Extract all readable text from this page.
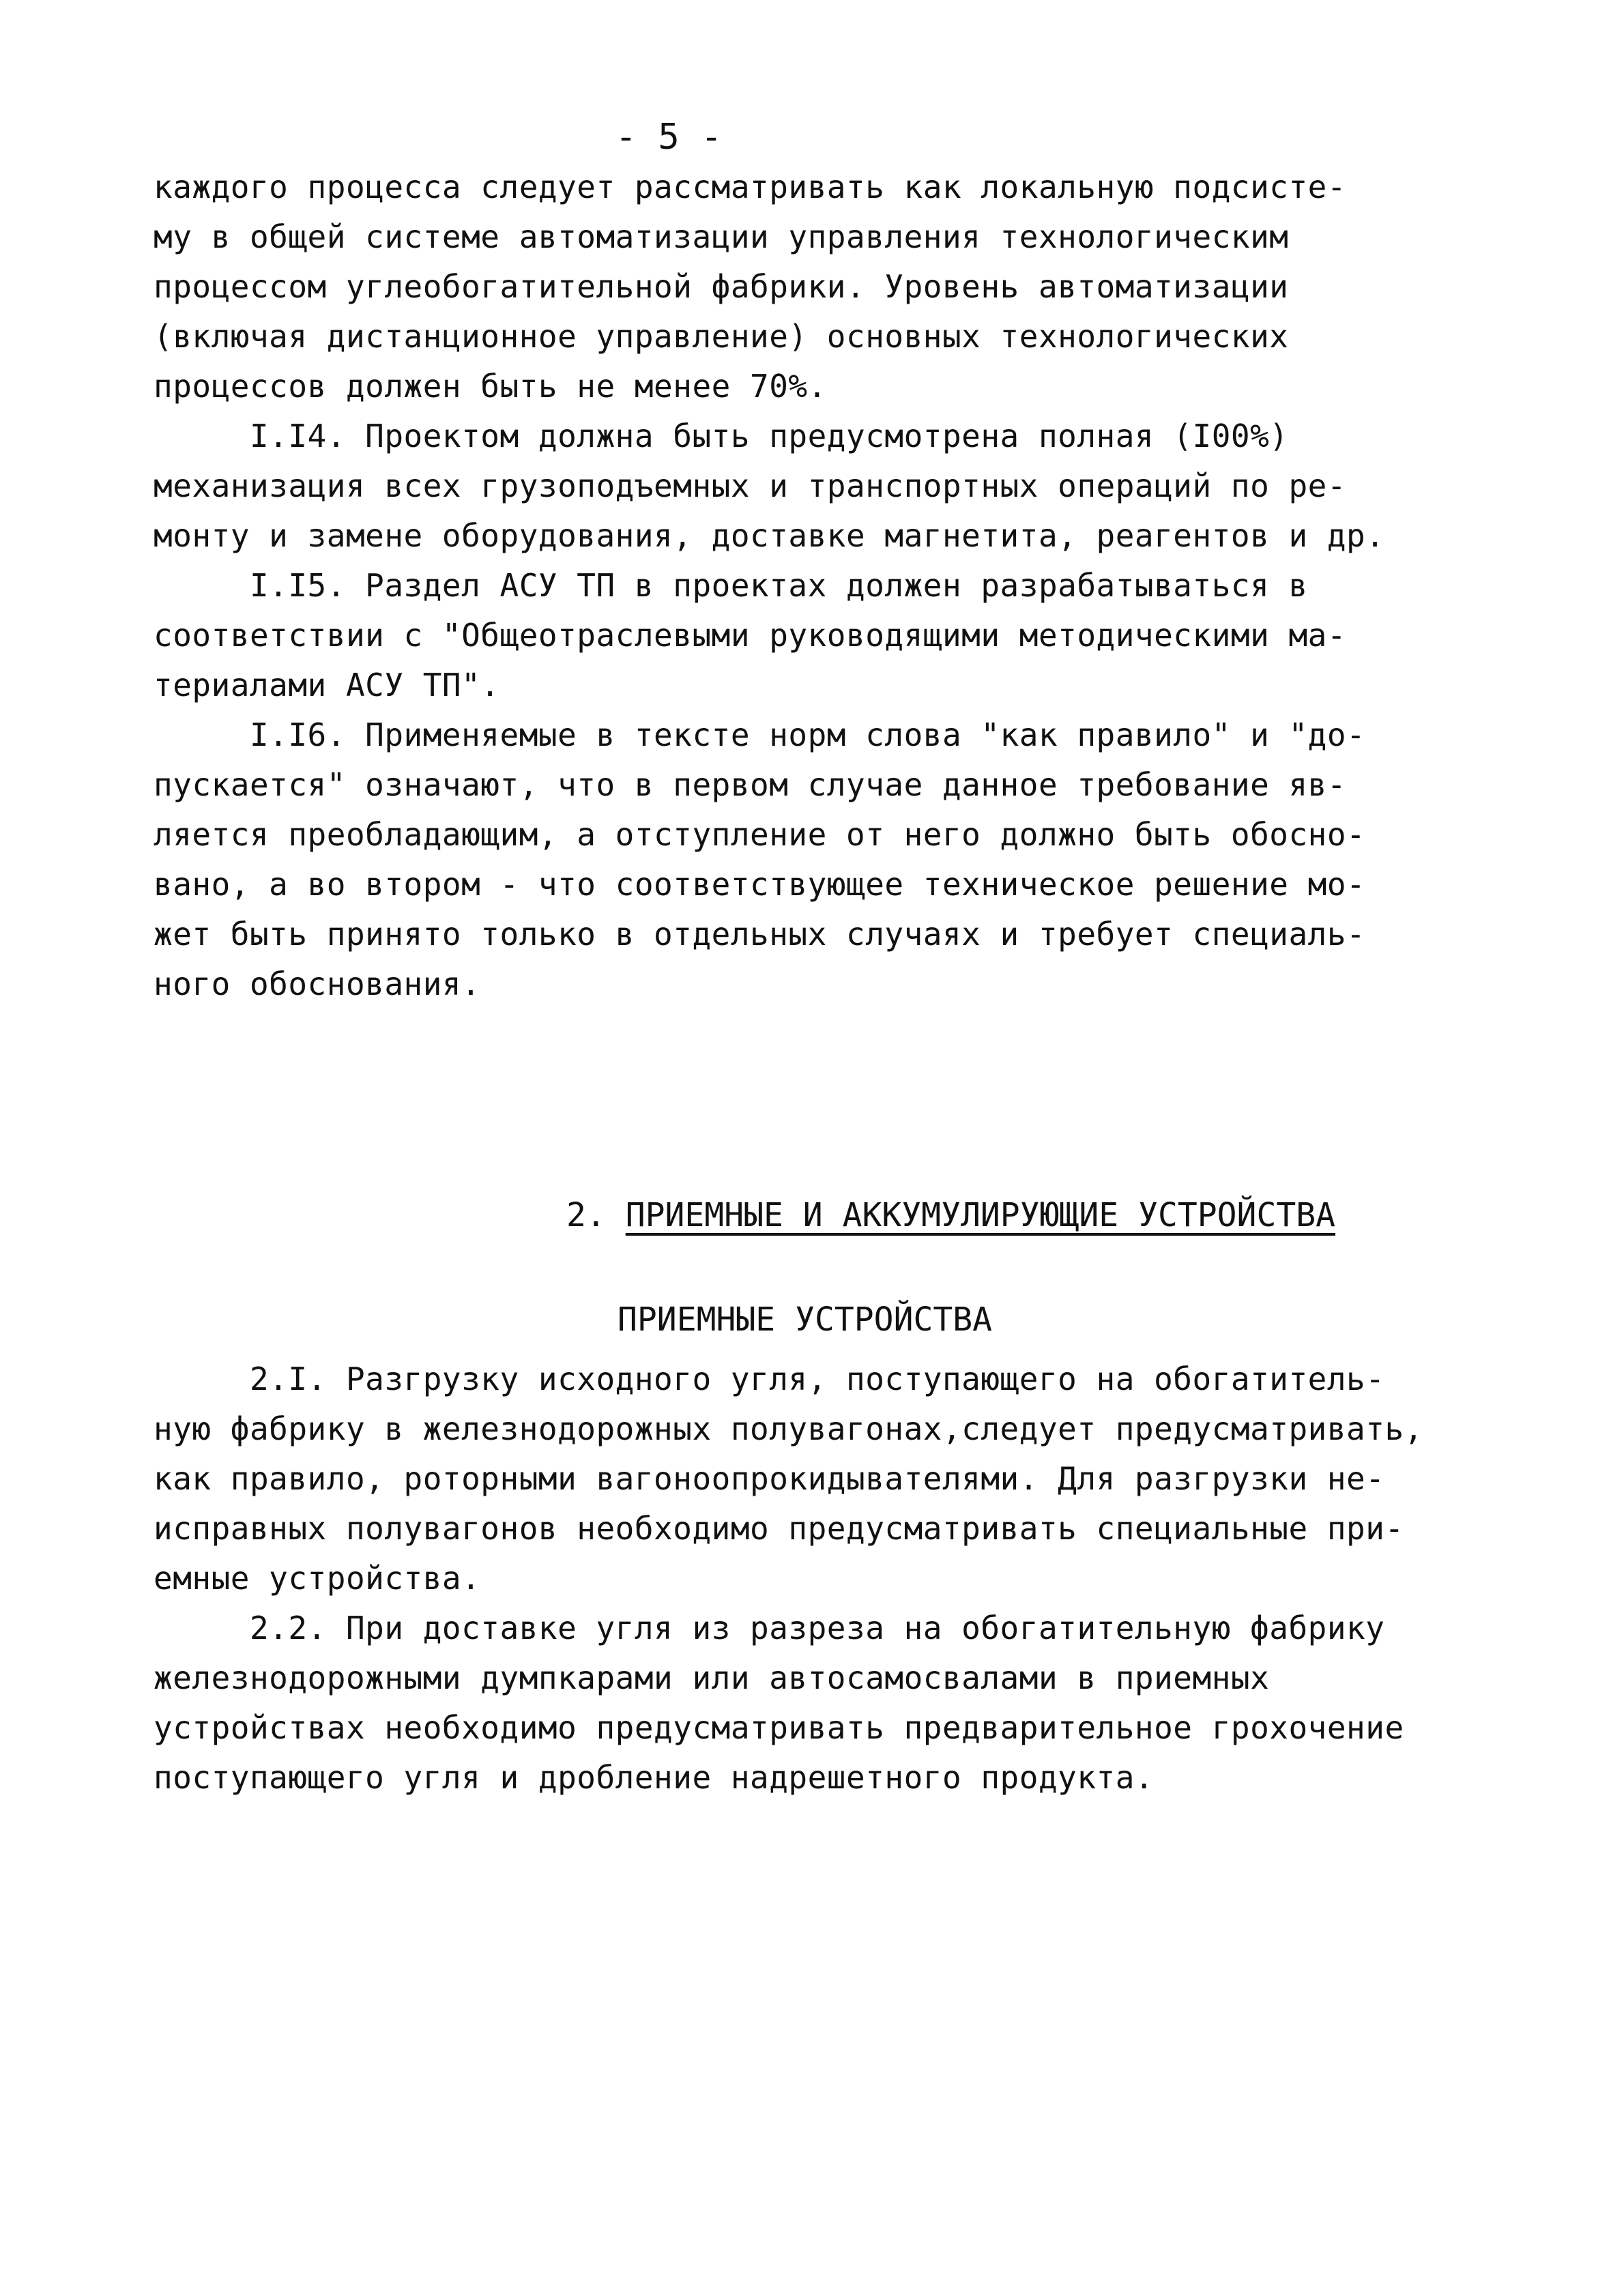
- 5 -
каждого процесса следует рассматривать как локальную подсисте-
му в общей системе автоматизации управления технологическим
процессом углеобогатительной фабрики. Уровень автоматизации
(включая дистанционное управление) основных технологических
процессов должен быть не менее 70%.
I.I4. Проектом должна быть предусмотрена полная (I00%)
механизация всех грузоподъемных и транспортных операций по ре-
монту и замене оборудования, доставке магнетита, реагентов и др.
I.I5. Раздел АСУ ТП в проектах должен разрабатываться в
соответствии с "Общеотраслевыми руководящими методическими ма-
териалами АСУ ТП".
I.I6. Применяемые в тексте норм слова "как правило" и "до-
пускается" означают, что в первом случае данное требование яв-
ляется преобладающим, а отступление от него должно быть обосно-
вано, а во втором - что соответствующее техническое решение мо-
жет быть принято только в отдельных случаях и требует специаль-
ного обоснования.
2. ПРИЕМНЫЕ И АККУМУЛИРУЮЩИЕ УСТРОЙСТВА
ПРИЕМНЫЕ УСТРОЙСТВА
2.I. Разгрузку исходного угля, поступающего на обогатитель-
ную фабрику в железнодорожных полувагонах,следует предусматривать,
как правило, роторными вагоноопрокидывателями. Для разгрузки не-
исправных полувагонов необходимо предусматривать специальные при-
емные устройства.
2.2. При доставке угля из разреза на обогатительную фабрику
железнодорожными думпкарами или автосамосвалами в приемных
устройствах необходимо предусматривать предварительное грохочение
поступающего угля и дробление надрешетного продукта.
